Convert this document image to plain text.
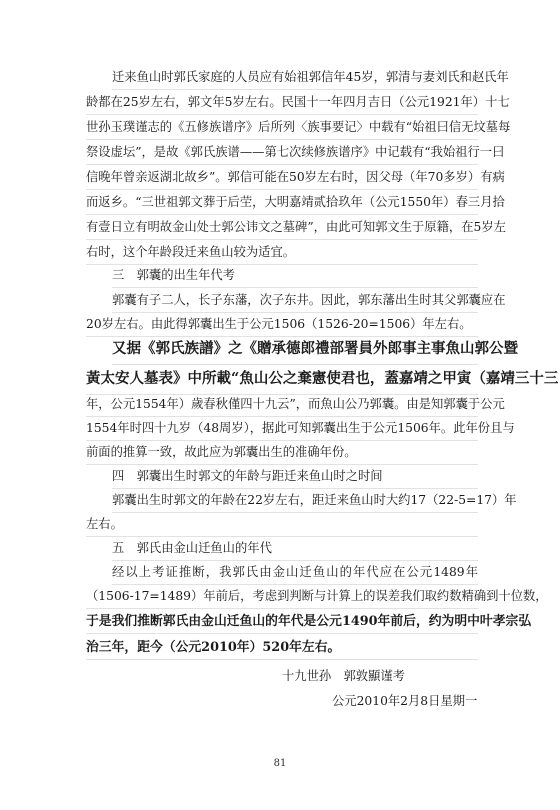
迁来鱼山时郭氏家庭的人员应有始祖郭信年45岁，郭清与妻刘氏和赵氏年
龄都在25岁左右，郭文年5岁左右。民国十一年四月吉日（公元1921年）十七
世孙玉璞谨志的《五修族谱序》后所列〈族事要记〉中载有“始祖曰信无坟墓每
祭设虚坛”，是故《郭氏族谱——第七次续修族谱序》中记载有“我始祖行一曰
信晚年曾亲返湖北故乡”。郭信可能在50岁左右时，因父母（年70多岁）有病
而返乡。“三世祖郭文葬于后茔，大明嘉靖贰拾玖年（公元1550年）春三月拾
有壹日立有明故金山处士郭公讳文之墓碑”，由此可知郭文生于原籍，在5岁左
右时，这个年龄段迁来鱼山较为适宜。
三　郭囊的出生年代考
郭囊有子二人，长子东藩，次子东井。因此，郭东藩出生时其父郭囊应在
20岁左右。由此得郭囊出生于公元1506（1526-20=1506）年左右。
又据《郭氏族譜》之《贈承德郎禮部署員外郎事主事魚山郭公暨
黃太安人墓表》中所載“魚山公之棄憲使君也，蓋嘉靖之甲寅（嘉靖三十三
年，公元1554年）歲春秋僅四十九云”，而魚山公乃郭囊。由是知郭囊于公元
1554年时四十九岁（48周岁），据此可知郭囊出生于公元1506年。此年份且与
前面的推算一致，故此应为郭囊出生的准确年份。
四　郭囊出生时郭文的年龄与距迁来鱼山时之时间
郭囊出生时郭文的年龄在22岁左右，距迁来鱼山时大约17（22-5=17）年
左右。
五　郭氏由金山迁鱼山的年代
经以上考证推断，我郭氏由金山迁鱼山的年代应在公元1489年
（1506-17=1489）年前后，考虑到判断与计算上的误差我们取约数精确到十位数，
于是我们推断郭氏由金山迁鱼山的年代是公元1490年前后，约为明中叶孝宗弘
治三年，距今（公元2010年）520年左右。
十九世孙　郭敦顯谨考
公元2010年2月8日星期一
81
